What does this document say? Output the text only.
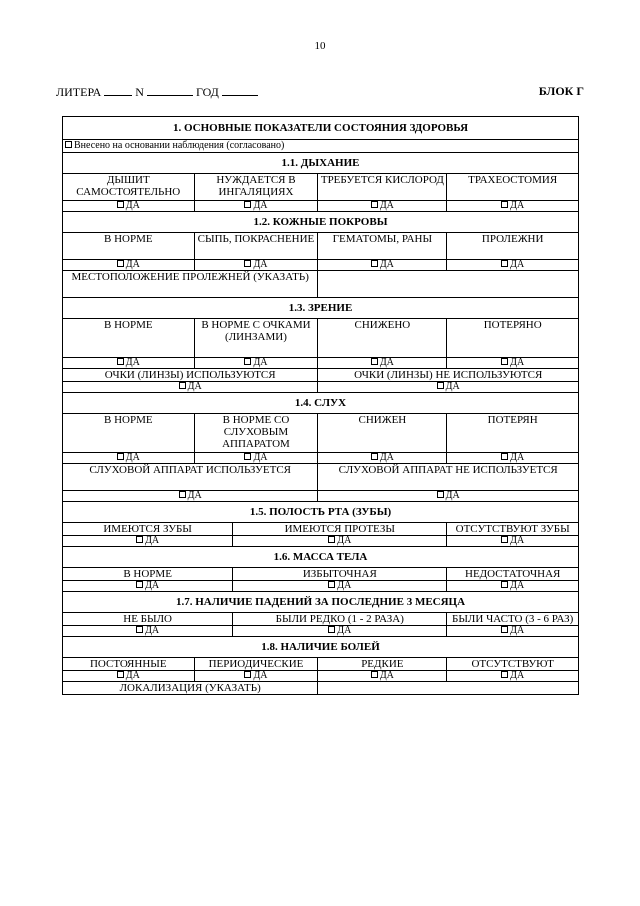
10
ЛИТЕРА	N	ГОД	БЛОК Г
1. ОСНОВНЫЕ ПОКАЗАТЕЛИ СОСТОЯНИЯ ЗДОРОВЬЯ				
Внесено на основании наблюдения (согласовано)				
1.1. ДЫХАНИЕ				
ДЫШИТ САМОСТОЯТЕЛЬНО	НУЖДАЕТСЯ В ИНГАЛЯЦИЯХ		ТРЕБУЕТСЯ КИСЛОРОД	ТРАХЕОСТОМИЯ
ДА	ДА		ДА	ДА
1.2. КОЖНЫЕ ПОКРОВЫ				
В НОРМЕ	СЫПЬ, ПОКРАСНЕНИЕ		ГЕМАТОМЫ, РАНЫ	ПРОЛЕЖНИ
ДА	ДА		ДА	ДА
МЕСТОПОЛОЖЕНИЕ ПРОЛЕЖНЕЙ (УКАЗАТЬ)				
1.3. ЗРЕНИЕ				
В НОРМЕ	В НОРМЕ С ОЧКАМИ (ЛИНЗАМИ)		СНИЖЕНО	ПОТЕРЯНО
ДА	ДА		ДА	ДА
ОЧКИ (ЛИНЗЫ) ИСПОЛЬЗУЮТСЯ			ОЧКИ (ЛИНЗЫ) НЕ ИСПОЛЬЗУЮТСЯ	
ДА			ДА	
1.4. СЛУХ				
В НОРМЕ	В НОРМЕ СО СЛУХОВЫМ АППАРАТОМ		СНИЖЕН	ПОТЕРЯН
ДА	ДА		ДА	ДА
СЛУХОВОЙ АППАРАТ ИСПОЛЬЗУЕТСЯ			СЛУХОВОЙ АППАРАТ НЕ ИСПОЛЬЗУЕТСЯ	
ДА			ДА	
1.5. ПОЛОСТЬ РТА (ЗУБЫ)				
ИМЕЮТСЯ ЗУБЫ		ИМЕЮТСЯ ПРОТЕЗЫ		ОТСУТСТВУЮТ ЗУБЫ
ДА		ДА		ДА
1.6. МАССА ТЕЛА				
В НОРМЕ		ИЗБЫТОЧНАЯ		НЕДОСТАТОЧНАЯ
ДА		ДА		ДА
1.7. НАЛИЧИЕ ПАДЕНИЙ ЗА ПОСЛЕДНИЕ 3 МЕСЯЦА				
НЕ БЫЛО		БЫЛИ РЕДКО (1 - 2 РАЗА)		БЫЛИ ЧАСТО (3 - 6 РАЗ)
ДА		ДА		ДА
1.8. НАЛИЧИЕ БОЛЕЙ				
ПОСТОЯННЫЕ	ПЕРИОДИЧЕСКИЕ		РЕДКИЕ	ОТСУТСТВУЮТ
ДА	ДА		ДА	ДА
ЛОКАЛИЗАЦИЯ (УКАЗАТЬ)				
